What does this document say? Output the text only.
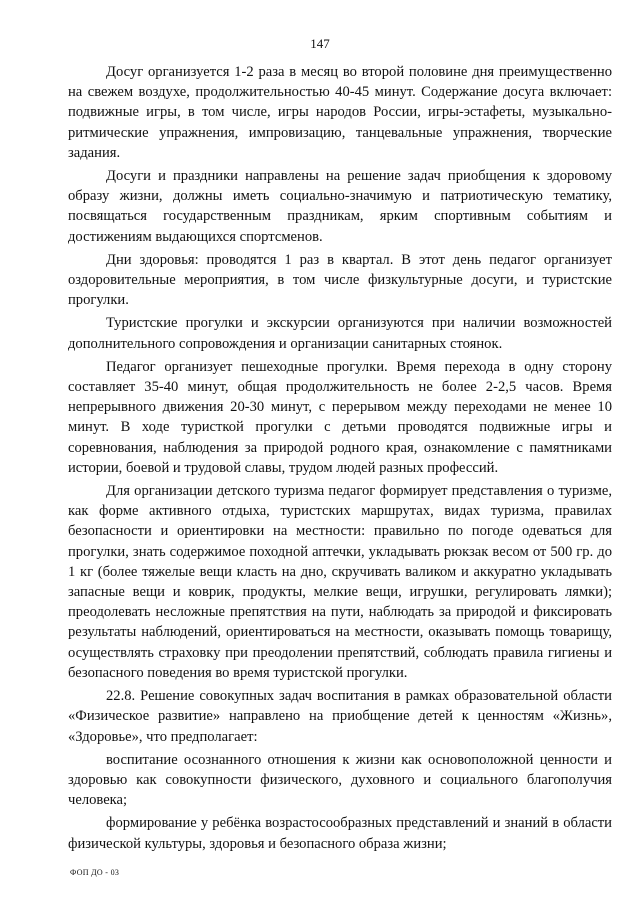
147

Досуг организуется 1-2 раза в месяц во второй половине дня преимущественно на свежем воздухе, продолжительностью 40-45 минут. Содержание досуга включает: подвижные игры, в том числе, игры народов России, игры-эстафеты, музыкально-ритмические упражнения, импровизацию, танцевальные упражнения, творческие задания.

Досуги и праздники направлены на решение задач приобщения к здоровому образу жизни, должны иметь социально-значимую и патриотическую тематику, посвящаться государственным праздникам, ярким спортивным событиям и достижениям выдающихся спортсменов.

Дни здоровья: проводятся 1 раз в квартал. В этот день педагог организует оздоровительные мероприятия, в том числе физкультурные досуги, и туристские прогулки.

Туристские прогулки и экскурсии организуются при наличии возможностей дополнительного сопровождения и организации санитарных стоянок.

Педагог организует пешеходные прогулки. Время перехода в одну сторону составляет 35-40 минут, общая продолжительность не более 2-2,5 часов. Время непрерывного движения 20-30 минут, с перерывом между переходами не менее 10 минут. В ходе туристкой прогулки с детьми проводятся подвижные игры и соревнования, наблюдения за природой родного края, ознакомление с памятниками истории, боевой и трудовой славы, трудом людей разных профессий.

Для организации детского туризма педагог формирует представления о туризме, как форме активного отдыха, туристских маршрутах, видах туризма, правилах безопасности и ориентировки на местности: правильно по погоде одеваться для прогулки, знать содержимое походной аптечки, укладывать рюкзак весом от 500 гр. до 1 кг (более тяжелые вещи класть на дно, скручивать валиком и аккуратно укладывать запасные вещи и коврик, продукты, мелкие вещи, игрушки, регулировать лямки); преодолевать несложные препятствия на пути, наблюдать за природой и фиксировать результаты наблюдений, ориентироваться на местности, оказывать помощь товарищу, осуществлять страховку при преодолении препятствий, соблюдать правила гигиены и безопасного поведения во время туристской прогулки.

22.8. Решение совокупных задач воспитания в рамках образовательной области «Физическое развитие» направлено на приобщение детей к ценностям «Жизнь», «Здоровье», что предполагает:

воспитание осознанного отношения к жизни как основоположной ценности и здоровью как совокупности физического, духовного и социального благополучия человека;

формирование у ребёнка возрастосообразных представлений и знаний в области физической культуры, здоровья и безопасного образа жизни;

ФОП ДО - 03
